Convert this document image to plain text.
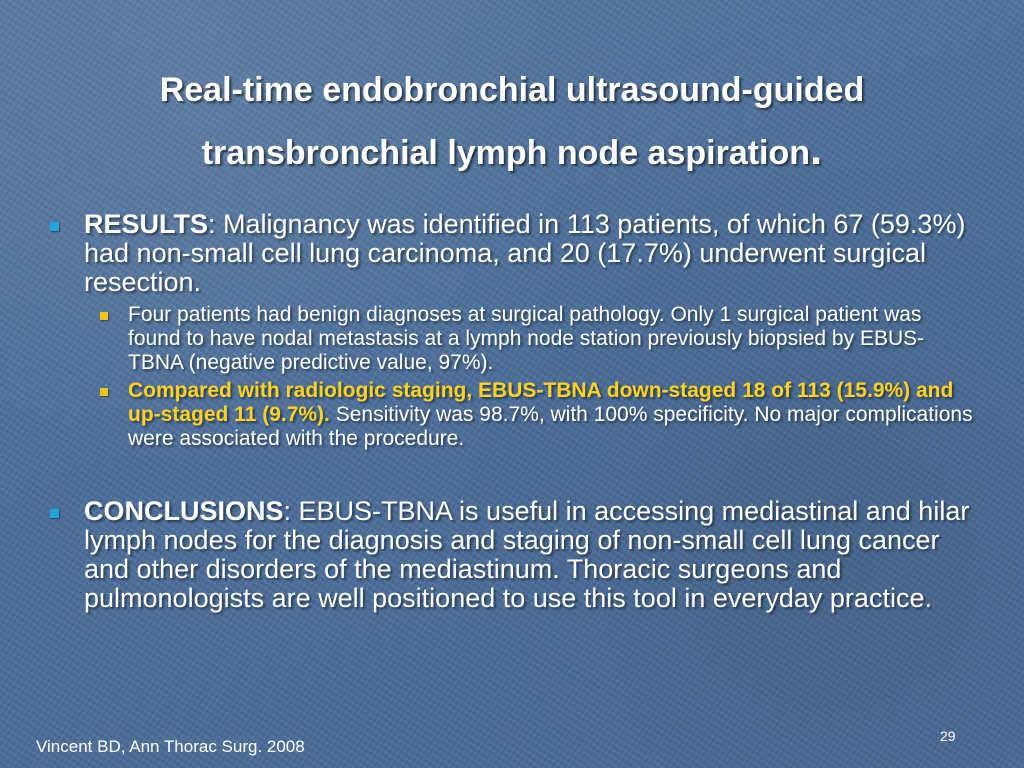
Real-time endobronchial ultrasound-guided
transbronchial lymph node aspiration.

RESULTS: Malignancy was identified in 113 patients, of which 67 (59.3%) had non-small cell lung carcinoma, and 20 (17.7%) underwent surgical resection.

Four patients had benign diagnoses at surgical pathology. Only 1 surgical patient was found to have nodal metastasis at a lymph node station previously biopsied by EBUS-TBNA (negative predictive value, 97%).

Compared with radiologic staging, EBUS-TBNA down-staged 18 of 113 (15.9%) and up-staged 11 (9.7%). Sensitivity was 98.7%, with 100% specificity. No major complications were associated with the procedure.

CONCLUSIONS: EBUS-TBNA is useful in accessing mediastinal and hilar lymph nodes for the diagnosis and staging of non-small cell lung cancer and other disorders of the mediastinum. Thoracic surgeons and pulmonologists are well positioned to use this tool in everyday practice.

Vincent BD, Ann Thorac Surg. 2008
29
